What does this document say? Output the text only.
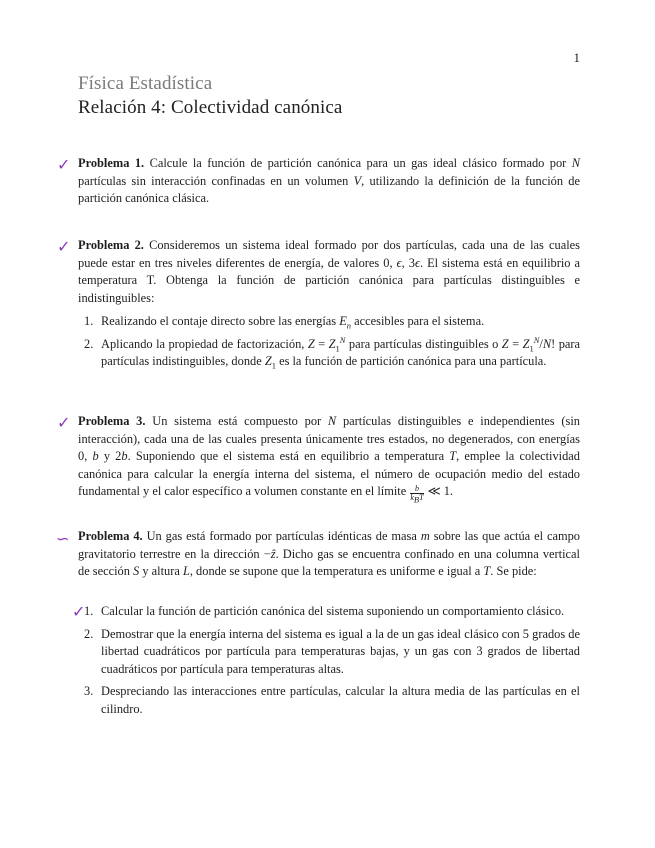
1
Física Estadística
Relación 4: Colectividad canónica
✓ Problema 1. Calcule la función de partición canónica para un gas ideal clásico formado por N partículas sin interacción confinadas en un volumen V, utilizando la definición de la función de partición canónica clásica.
✓ Problema 2. Consideremos un sistema ideal formado por dos partículas, cada una de las cuales puede estar en tres niveles diferentes de energía, de valores 0, ϵ, 3ϵ. El sistema está en equilibrio a temperatura T. Obtenga la función de partición canónica para partículas distinguibles e indistinguibles:
1. Realizando el contaje directo sobre las energías $E_n$ accesibles para el sistema.
2. Aplicando la propiedad de factorización, $Z = Z_1^N$ para partículas distinguibles o $Z = Z_1^N/N$! para partículas indistinguibles, donde $Z_1$ es la función de partición canónica para una partícula.
✓ Problema 3. Un sistema está compuesto por N partículas distinguibles e independientes (sin interacción), cada una de las cuales presenta únicamente tres estados, no degenerados, con energías 0, b y 2b. Suponiendo que el sistema está en equilibrio a temperatura T, emplee la colectividad canónica para calcular la energía interna del sistema, el número de ocupación medio del estado fundamental y el calor específico a volumen constante en el límite $\frac{b}{k_BT}$ ≪ 1.
∽ Problema 4. Un gas está formado por partículas idénticas de masa m sobre las que actúa el campo gravitatorio terrestre en la dirección −ẑ. Dicho gas se encuentra confinado en una columna vertical de sección S y altura L, donde se supone que la temperatura es uniforme e igual a T. Se pide:
✓
1. Calcular la función de partición canónica del sistema suponiendo un comportamiento clásico.
2. Demostrar que la energía interna del sistema es igual a la de un gas ideal clásico con 5 grados de libertad cuadráticos por partícula para temperaturas bajas, y un gas con 3 grados de libertad cuadráticos por partícula para temperaturas altas.
3. Despreciando las interacciones entre partículas, calcular la altura media de las partículas en el cilindro.
